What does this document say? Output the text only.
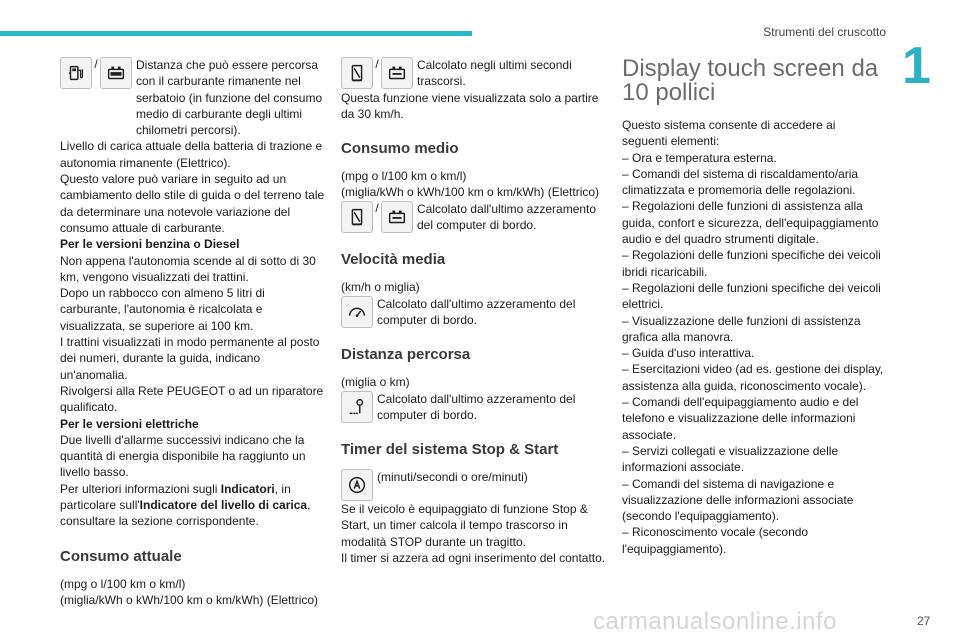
Strumenti del cruscotto
1
/	Distanza che può essere percorsa con il carburante rimanente nel serbatoio (in funzione del consumo medio di carburante degli ultimi chilometri percorsi).

Livello di carica attuale della batteria di trazione e autonomia rimanente (Elettrico).

Questo valore può variare in seguito ad un cambiamento dello stile di guida o del terreno tale da determinare una notevole variazione del consumo attuale di carburante.

Per le versioni benzina o Diesel

Non appena l'autonomia scende al di sotto di 30 km, vengono visualizzati dei trattini.

Dopo un rabbocco con almeno 5 litri di carburante, l'autonomia è ricalcolata e visualizzata, se superiore ai 100 km.

I trattini visualizzati in modo permanente al posto dei numeri, durante la guida, indicano un'anomalia.

Rivolgersi alla Rete PEUGEOT o ad un riparatore qualificato.

Per le versioni elettriche

Due livelli d'allarme successivi indicano che la quantità di energia disponibile ha raggiunto un livello basso.

Per ulteriori informazioni sugli Indicatori, in particolare sull'Indicatore del livello di carica, consultare la sezione corrispondente.

Consumo attuale

(mpg o l/100 km o km/l)

(miglia/kWh o kWh/100 km o km/kWh) (Elettrico)

/	Calcolato negli ultimi secondi trascorsi.

Questa funzione viene visualizzata solo a partire da 30 km/h.

Consumo medio

(mpg o l/100 km o km/l)

(miglia/kWh o kWh/100 km o km/kWh) (Elettrico)

/	Calcolato dall'ultimo azzeramento del computer di bordo.
Velocità media

(km/h o miglia)

Calcolato dall'ultimo azzeramento del computer di bordo.
Distanza percorsa

(miglia o km)

Calcolato dall'ultimo azzeramento del computer di bordo.
Timer del sistema Stop & Start
(minuti/secondi o ore/minuti)

Se il veicolo è equipaggiato di funzione Stop & Start, un timer calcola il tempo trascorso in modalità STOP durante un tragitto.

Il timer si azzera ad ogni inserimento del contatto.

Display touch screen da
10 pollici

Questo sistema consente di accedere ai seguenti elementi:

– Ora e temperatura esterna.

– Comandi del sistema di riscaldamento/aria climatizzata e promemoria delle regolazioni.

– Regolazioni delle funzioni di assistenza alla guida, confort e sicurezza, dell'equipaggiamento audio e del quadro strumenti digitale.

– Regolazioni delle funzioni specifiche dei veicoli ibridi ricaricabili.

– Regolazioni delle funzioni specifiche dei veicoli elettrici.

– Visualizzazione delle funzioni di assistenza grafica alla manovra.

– Guida d'uso interattiva.

– Esercitazioni video (ad es. gestione dei display, assistenza alla guida, riconoscimento vocale).

– Comandi dell'equipaggiamento audio e del telefono e visualizzazione delle informazioni associate.

– Servizi collegati e visualizzazione delle informazioni associate.

– Comandi del sistema di navigazione e visualizzazione delle informazioni associate (secondo l'equipaggiamento).

– Riconoscimento vocale (secondo l'equipaggiamento).

carmanualsonline.info	27
